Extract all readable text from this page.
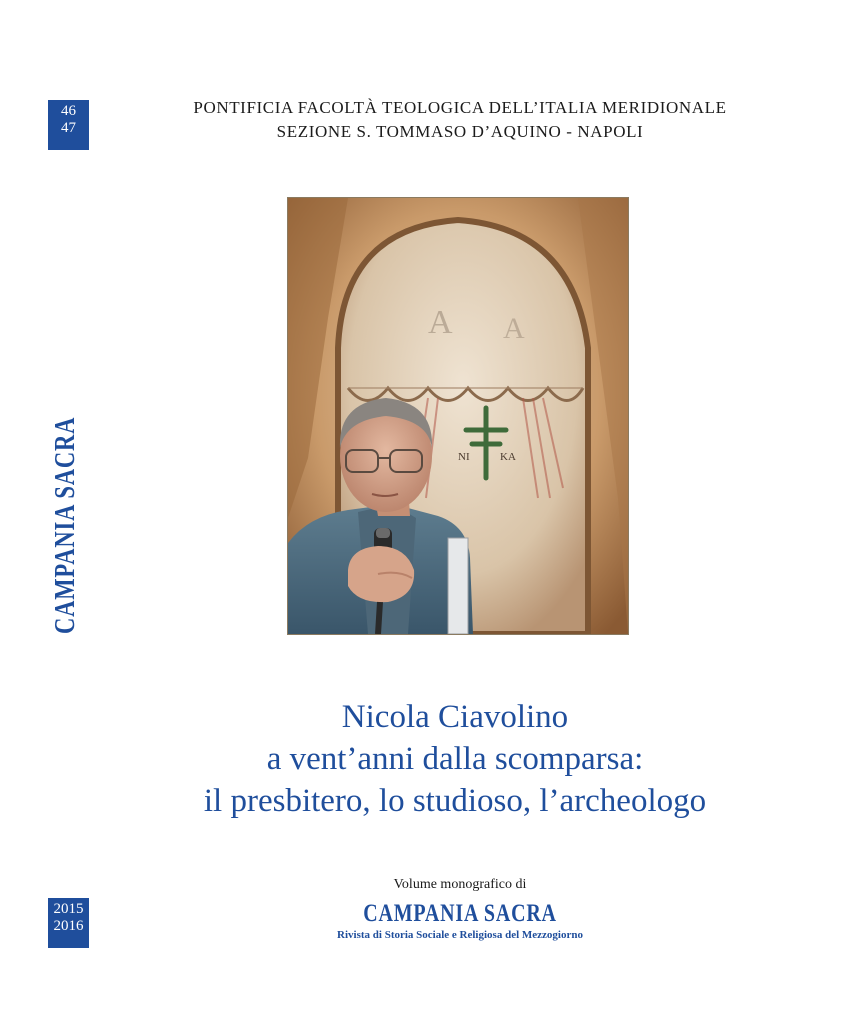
46
47
2015
2016
CAMPANIA SACRA
PONTIFICIA FACOLTÀ TEOLOGICA DELL’ITALIA MERIDIONALE
SEZIONE S. TOMMASO D’AQUINO - NAPOLI
A A
NI	KA
Nicola Ciavolino
a vent’anni dalla scomparsa:
il presbitero, lo studioso, l’archeologo
Volume monografico di
CAMPANIA SACRA
Rivista di Storia Sociale e Religiosa del Mezzogiorno
